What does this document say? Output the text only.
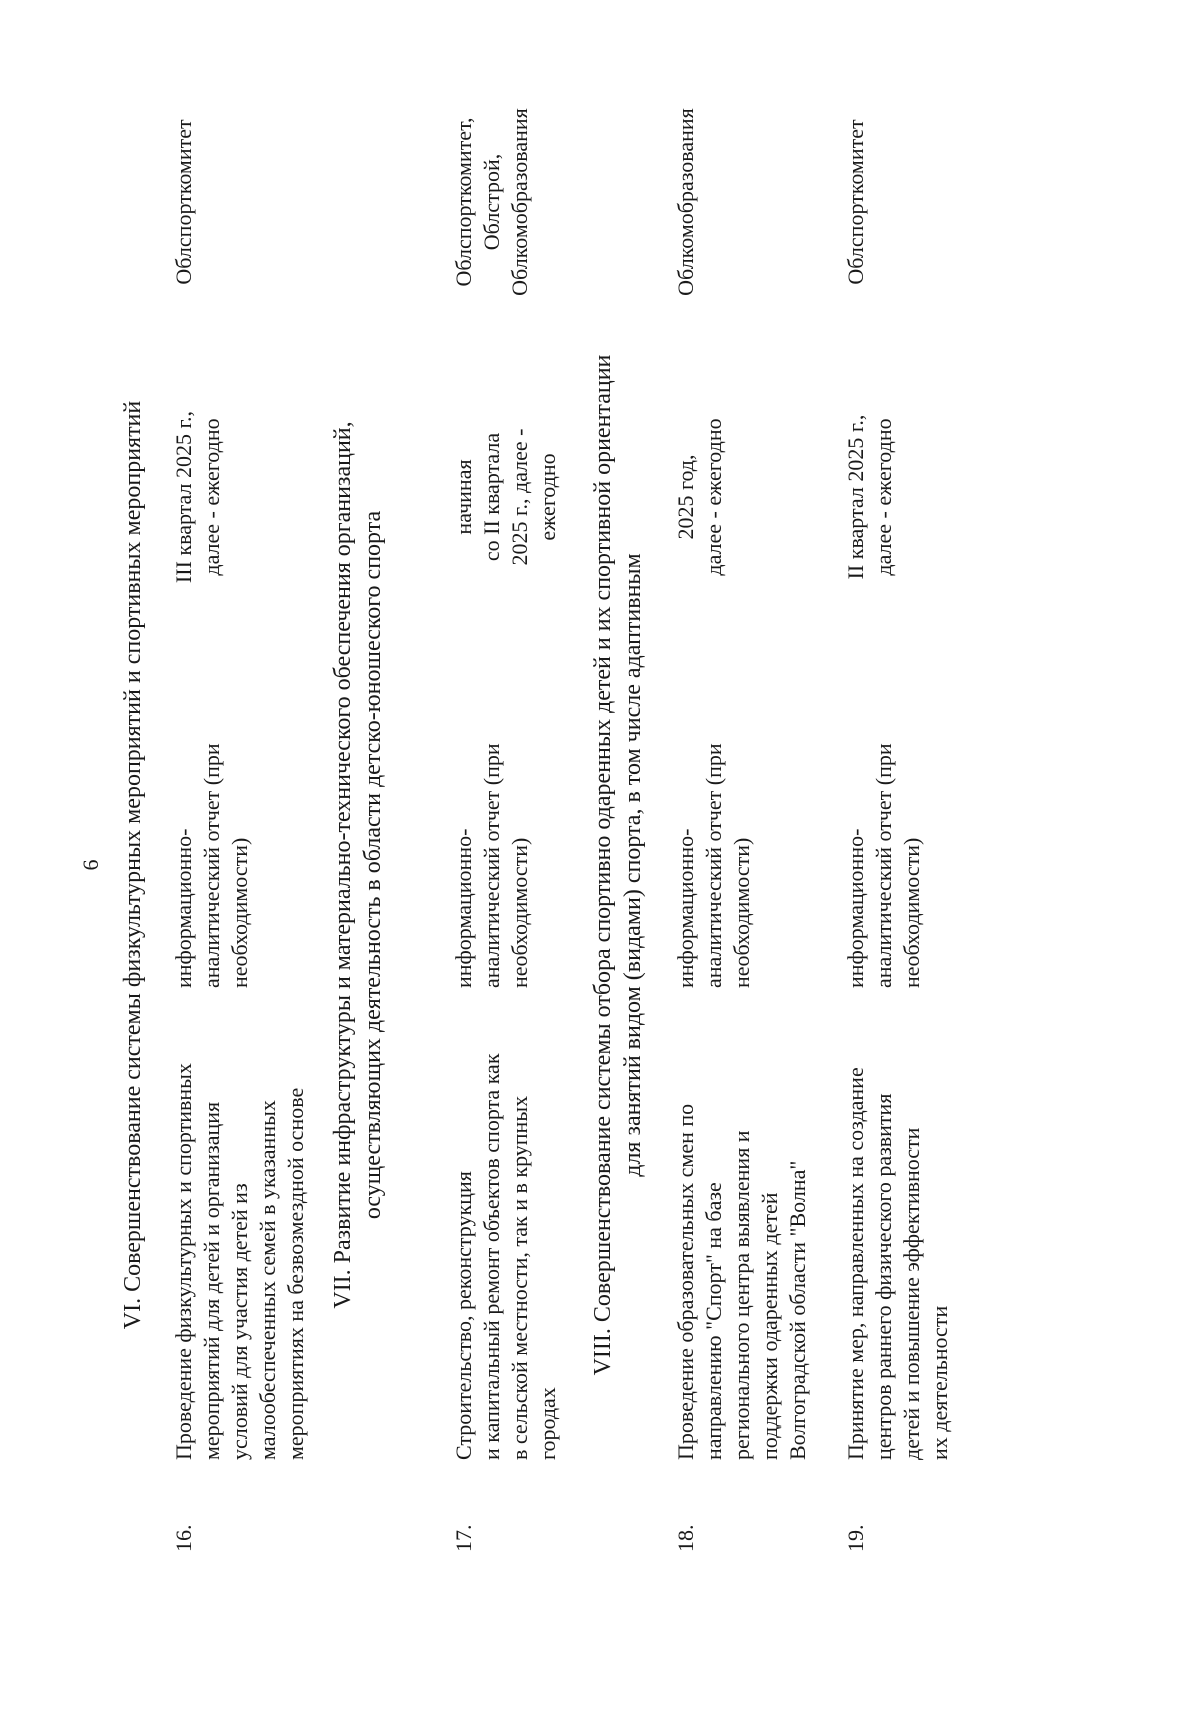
6 VI. Совершенствование системы физкультурных мероприятий и спортивных мероприятий
16.
Проведение физкультурных и спортивных мероприятий для детей и организация условий для участия детей из малообеспеченных семей в указанных мероприятиях на безвозмездной основе
информационно- аналитический отчет (при необходимости)
III квартал 2025 г., далее - ежегодно
Облспорткомитет
VII. Развитие инфраструктуры и материально-технического обеспечения организаций, осуществляющих деятельность в области детско-юношеского спорта
17.
Строительство, реконструкция и капитальный ремонт объектов спорта как в сельской местности, так и в крупных городах
информационно- аналитический отчет (при необходимости)
начиная со II квартала 2025 г., далее - ежегодно
Облспорткомитет, Облстрой, Облкомобразования
VIII. Совершенствование системы отбора спортивно одаренных детей и их спортивной ориентации для занятий видом (видами) спорта, в том числе адаптивным
18.
Проведение образовательных смен по направлению "Спорт" на базе регионального центра выявления и поддержки одаренных детей Волгоградской области "Волна"
информационно- аналитический отчет (при необходимости)
2025 год, далее - ежегодно
Облкомобразования
19.
Принятие мер, направленных на создание центров раннего физического развития детей и повышение эффективности их деятельности
информационно- аналитический отчет (при необходимости)
II квартал 2025 г., далее - ежегодно
Облспорткомитет
